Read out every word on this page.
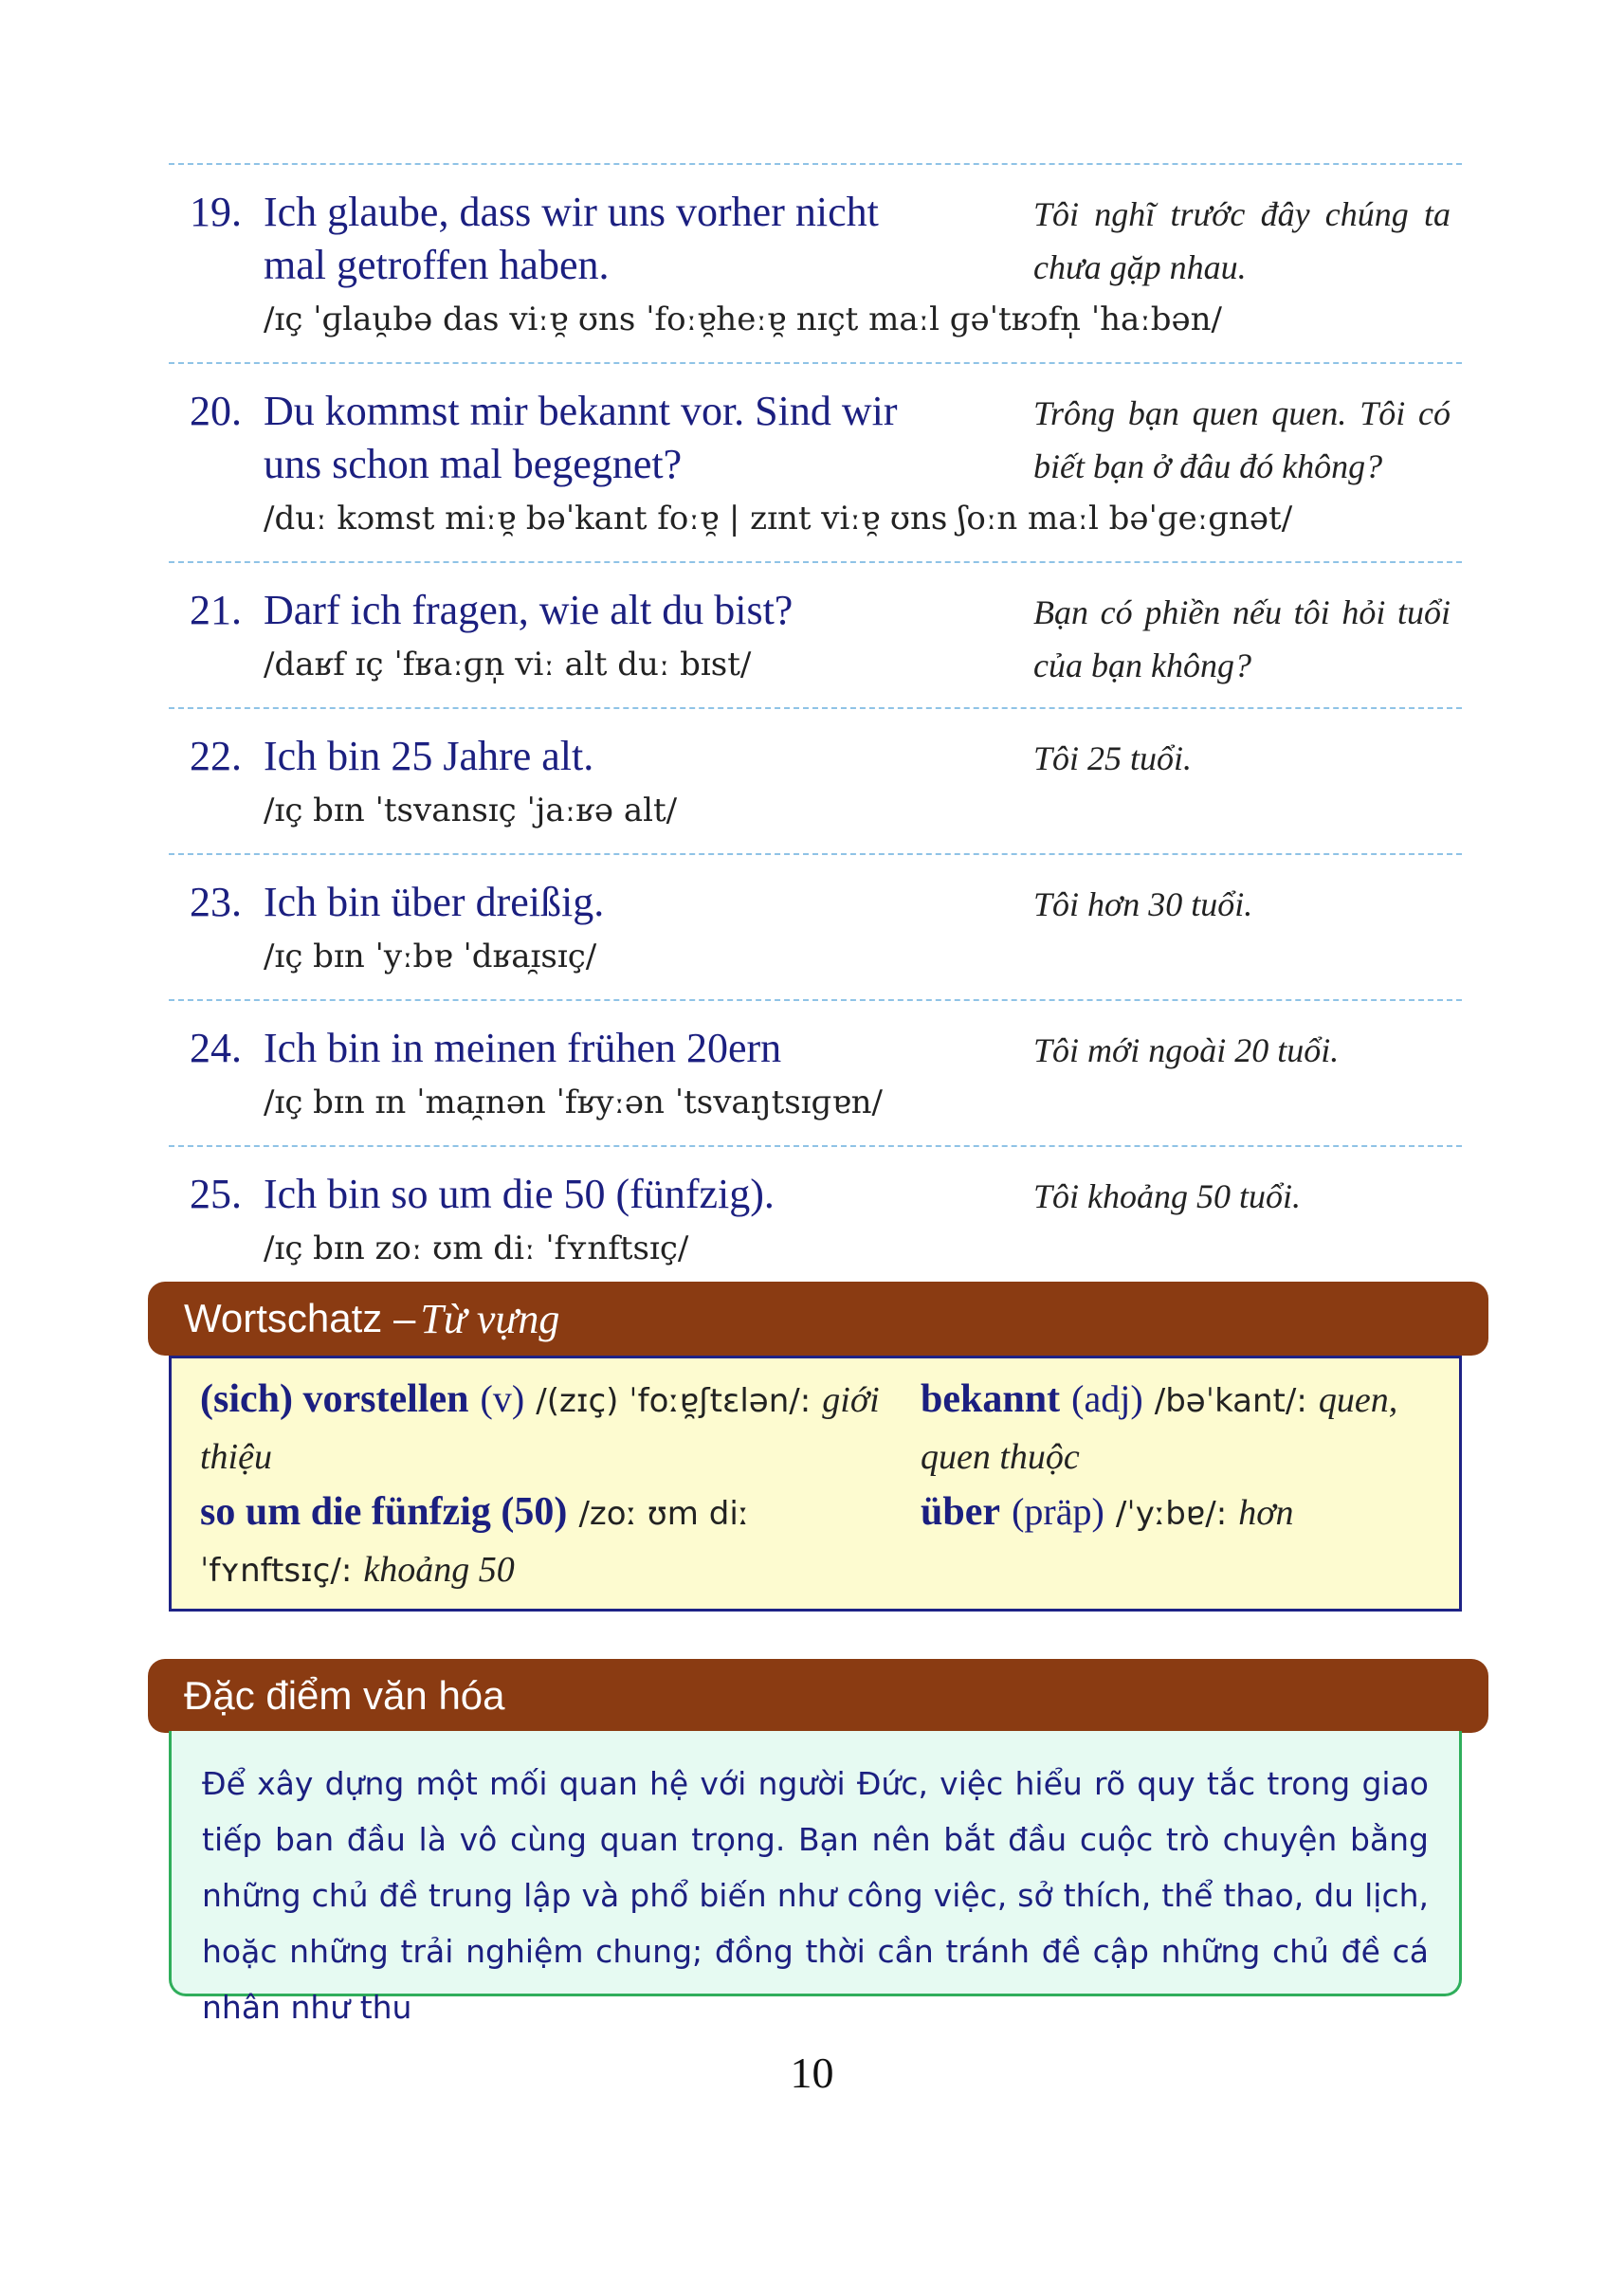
19. Ich glaube, dass wir uns vorher nicht
mal getroffen haben.
Tôi nghĩ trước đây chúng ta chưa gặp nhau.
/ɪç ˈɡlau̯bə das viːɐ̯ ʊns ˈfoːɐ̯heːɐ̯ nɪçt maːl ɡəˈtʁɔfn̩ ˈhaːbən/
20. Du kommst mir bekannt vor. Sind wir
uns schon mal begegnet?
Trông bạn quen quen. Tôi có biết bạn ở đâu đó không?
/duː kɔmst miːɐ̯ bəˈkant foːɐ̯ | zɪnt viːɐ̯ ʊns ʃoːn maːl bəˈɡeːɡnət/
21. Darf ich fragen, wie alt du bist?	Bạn có phiền nếu tôi hỏi tuổi của bạn không?
/daʁf ɪç ˈfʁaːɡn̩ viː alt duː bɪst/
22. Ich bin 25 Jahre alt.	Tôi 25 tuổi.
/ɪç bɪn ˈtsvansɪç ˈjaːʁə alt/
23. Ich bin über dreißig.	Tôi hơn 30 tuổi.
/ɪç bɪn ˈyːbɐ ˈdʁaɪ̯sɪç/
24. Ich bin in meinen frühen 20ern	Tôi mới ngoài 20 tuổi.
/ɪç bɪn ɪn ˈmaɪ̯nən ˈfʁyːən ˈtsvaŋtsɪɡɐn/
25. Ich bin so um die 50 (fünfzig).	Tôi khoảng 50 tuổi.
/ɪç bɪn zoː ʊm diː ˈfʏnftsɪç/
Wortschatz –
Từ vựng
(sich) vorstellen (v) /(zɪç) ˈfoːɐ̯ʃtɛlən/: giới thiệu
so um die fünfzig (50) /zoː ʊm diː ˈfʏnftsɪç/: khoảng 50
bekannt (adj) /bəˈkant/: quen, quen thuộc
über (präp) /ˈyːbɐ/: hơn
Đặc điểm văn hóa

Để xây dựng một mối quan hệ với người Đức, việc hiểu rõ quy tắc trong giao tiếp ban đầu là vô cùng quan trọng. Bạn nên bắt đầu cuộc trò chuyện bằng những chủ đề trung lập và phổ biến như công việc, sở thích, thể thao, du lịch, hoặc những trải nghiệm chung; đồng thời cần tránh đề cập những chủ đề cá nhân như thu

10
